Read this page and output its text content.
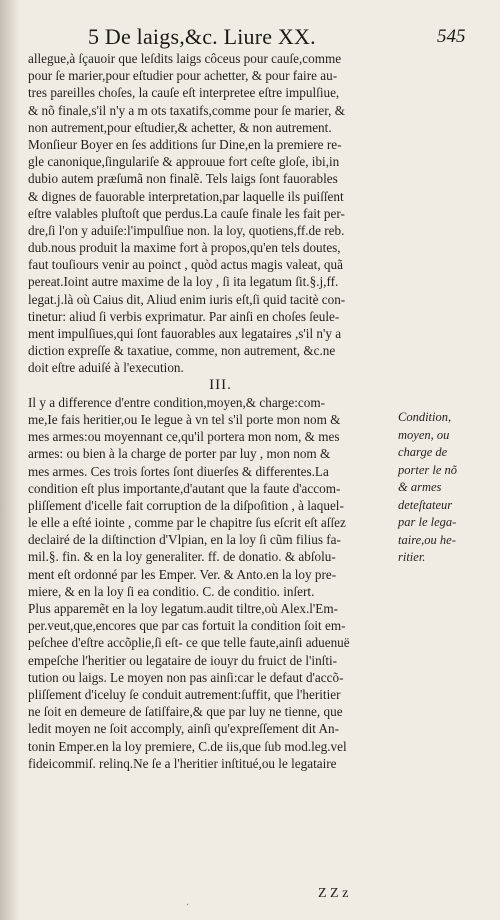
5 De laigs,&c. Liure XX.	545
allegue,à ſçauoir que leſdits laigs côceus pour cauſe,comme
pour ſe marier,pour eſtudier pour achetter, & pour faire au-
tres pareilles choſes, la cauſe eſt interpretee eſtre impulſiue,
& nõ finale,s'il n'y a m ots taxatifs,comme pour ſe marier, &
non autrement,pour eſtudier,& achetter, & non autrement.
Monſieur Boyer en ſes additions ſur Dine,en la premiere re-
gle canonique,ſingulariſe & approuue fort ceſte gloſe, ibi,in
dubio autem præſumã non finalẽ. Tels laigs ſont fauorables
& dignes de fauorable interpretation,par laquelle ils puiſſent
eſtre valables pluſtoſt que perdus.La cauſe finale les fait per-
dre,ſi l'on y aduiſe:l'impulſiue non. la loy, quotiens,ff.de reb.
dub.nous produit la maxime fort à propos,qu'en tels doutes,
faut touſiours venir au poinct , quòd actus magis valeat, quã
pereat.Ioint autre maxime de la loy , ſi ita legatum ſit.§.j,ff.
legat.j.là où Caius dit, Aliud enim iuris eſt,ſi quid tacitè con-
tinetur: aliud ſi verbis exprimatur. Par ainſi en choſes ſeule-
ment impulſiues,qui ſont fauorables aux legataires ,s'il n'y a
diction expreſſe & taxatiue, comme, non autrement, &c.ne
doit eſtre aduiſé à l'execution.
III.
Il y a difference d'entre condition,moyen,& charge:com-
me,Ie fais heritier,ou Ie legue à vn tel s'il porte mon nom &
mes armes:ou moyennant ce,qu'il portera mon nom, & mes
armes: ou bien à la charge de porter par luy , mon nom &
mes armes. Ces trois ſortes ſont diuerſes & differentes.La
condition eſt plus importante,d'autant que la faute d'accom-
pliſſement d'icelle fait corruption de la diſpoſition , à laquel-
le elle a eſté iointe , comme par le chapitre ſus eſcrit eſt aſſez
declairé de la diſtinction d'Vlpian, en la loy ſi cũm filius fa-
mil.§. fin. & en la loy generaliter. ff. de donatio. & abſolu-
ment eſt ordonné par les Emper. Ver. & Anto.en la loy pre-
miere, & en la loy ſi ea conditio. C. de conditio. inſert.
Plus apparemẽt en la loy legatum.audit tiltre,où Alex.l'Em-
per.veut,que,encores que par cas fortuit la condition ſoit em-
peſchee d'eſtre accõplie,ſi eſt- ce que telle faute,ainſi aduenuë
empeſche l'heritier ou legataire de iouyr du fruict de l'inſti-
tution ou laigs. Le moyen non pas ainſi:car le defaut d'accõ-
pliſſement d'iceluy ſe conduit autrement:ſuffit, que l'heritier
ne ſoit en demeure de ſatiſfaire,& que par luy ne tienne, que
ledit moyen ne ſoit accomply, ainſi qu'expreſſement dit An-
tonin Emper.en la loy premiere, C.de iis,que ſub mod.leg.vel
fideicommiſ. relinq.Ne ſe a l'heritier inſtitué,ou le legataire
Condition,
moyen, ou
charge de
porter le nõ
& armes
deteſtateur
par le lega-
taire,ou he-
ritier.
Z Z z
·
